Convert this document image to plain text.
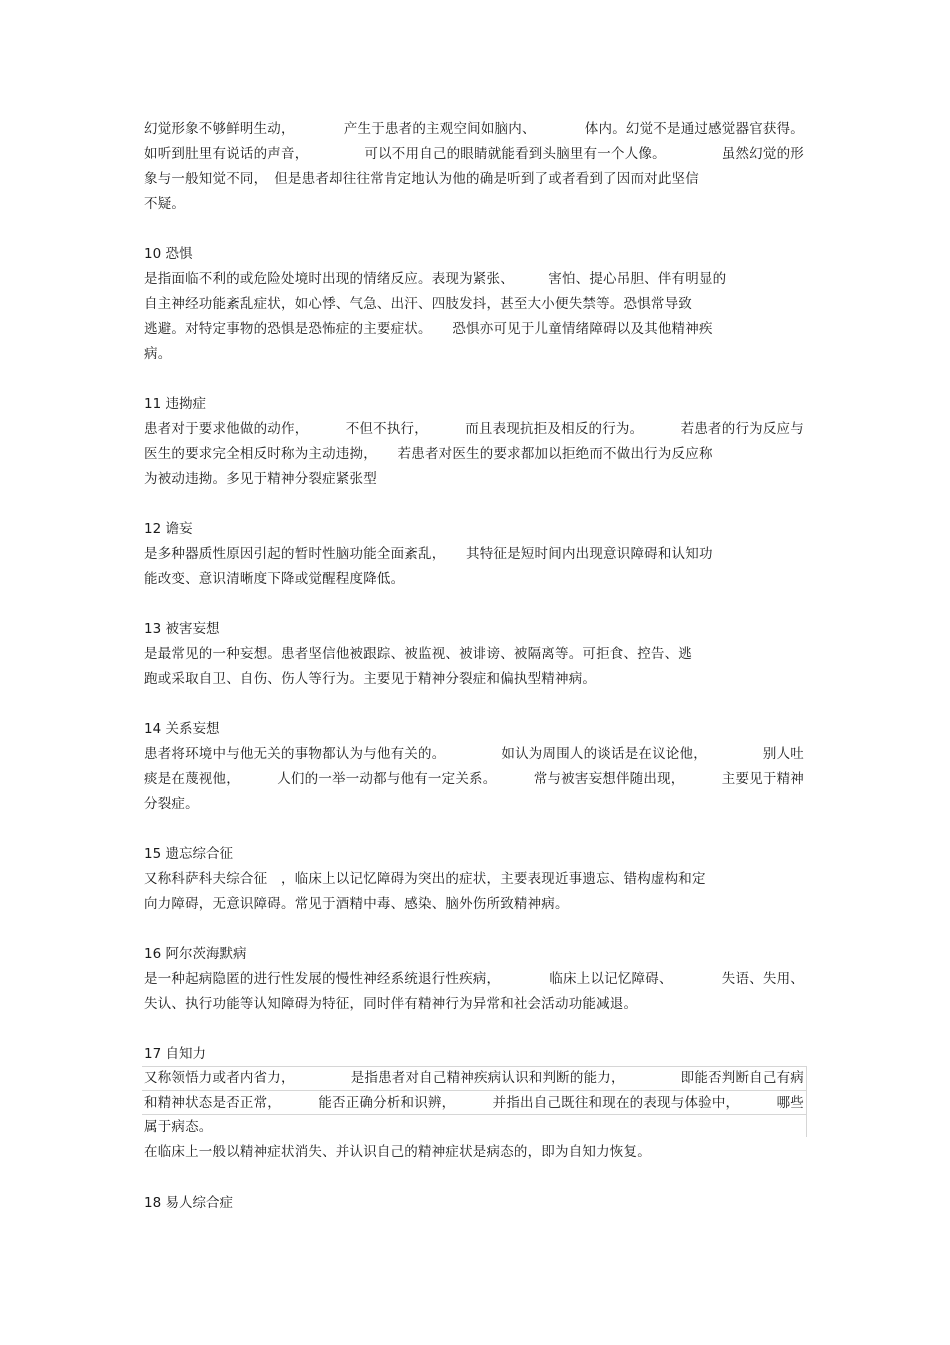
幻觉形象不够鲜明生动，	产生于患者的主观空间如脑内、	体内。幻觉不是通过感觉器官获得。
如听到肚里有说话的声音，	可以不用自己的眼睛就能看到头脑里有一个人像。	虽然幻觉的形
象与一般知觉不同，　但是患者却往往常肯定地认为他的确是听到了或者看到了因而对此坚信
不疑。
10 恐惧
是指面临不利的或危险处境时出现的情绪反应。表现为紧张、　　　害怕、提心吊胆、伴有明显的
自主神经功能紊乱症状，如心悸、气急、出汗、四肢发抖，甚至大小便失禁等。恐惧常导致
逃避。对特定事物的恐惧是恐怖症的主要症状。　　恐惧亦可见于儿童情绪障碍以及其他精神疾
病。
11 违拗症
患者对于要求他做的动作，	不但不执行，	而且表现抗拒及相反的行为。	若患者的行为反应与
医生的要求完全相反时称为主动违拗，　　若患者对医生的要求都加以拒绝而不做出行为反应称
为被动违拗。多见于精神分裂症紧张型
12 谵妄
是多种器质性原因引起的暂时性脑功能全面紊乱，　　其特征是短时间内出现意识障碍和认知功
能改变、意识清晰度下降或觉醒程度降低。
13 被害妄想
是最常见的一种妄想。患者坚信他被跟踪、被监视、被诽谤、被隔离等。可拒食、控告、逃
跑或采取自卫、自伤、伤人等行为。主要见于精神分裂症和偏执型精神病。
14 关系妄想
患者将环境中与他无关的事物都认为与他有关的。	如认为周围人的谈话是在议论他，	别人吐
痰是在蔑视他，	人们的一举一动都与他有一定关系。	常与被害妄想伴随出现，	主要见于精神
分裂症。
15 遗忘综合征
又称科萨科夫综合征　，临床上以记忆障碍为突出的症状，主要表现近事遗忘、错构虚构和定
向力障碍，无意识障碍。常见于酒精中毒、感染、脑外伤所致精神病。
16 阿尔茨海默病
是一种起病隐匿的进行性发展的慢性神经系统退行性疾病，	临床上以记忆障碍、	失语、失用、
失认、执行功能等认知障碍为特征，同时伴有精神行为异常和社会活动功能减退。
17 自知力
又称领悟力或者内省力，	是指患者对自己精神疾病认识和判断的能力，	即能否判断自己有病
和精神状态是否正常，	能否正确分析和识辨，	并指出自己既往和现在的表现与体验中，	哪些
属于病态。
在临床上一般以精神症状消失、并认识自己的精神症状是病态的，即为自知力恢复。
18 易人综合症
